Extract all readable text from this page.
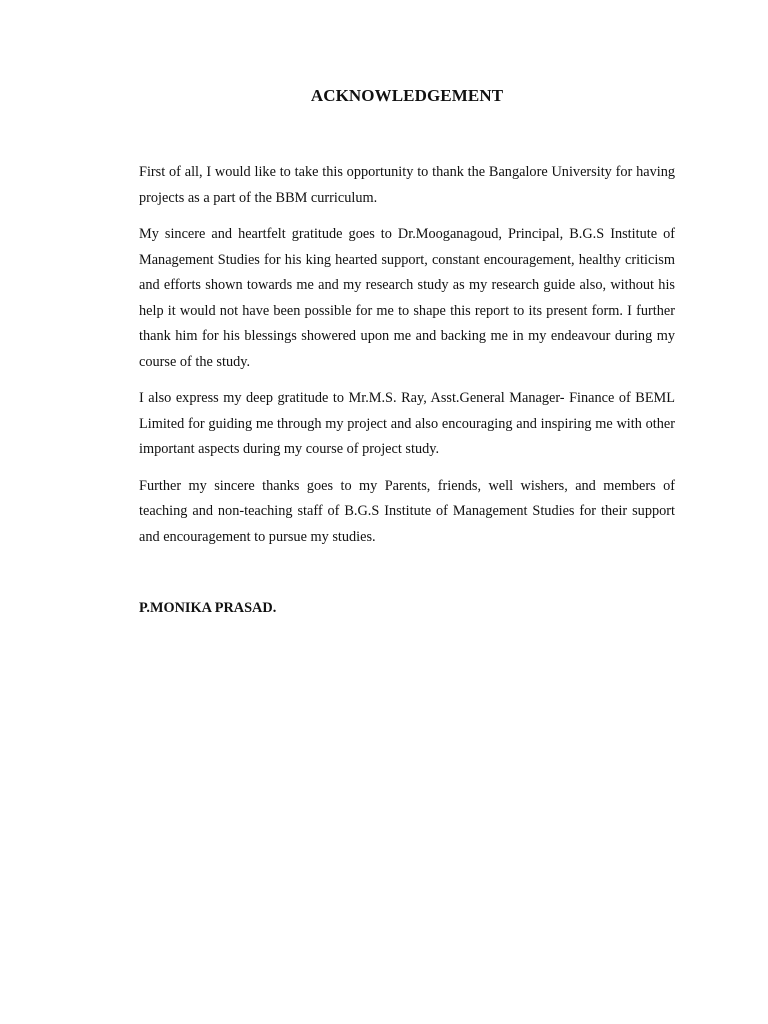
ACKNOWLEDGEMENT

First of all, I would like to take this opportunity to thank the Bangalore University for having projects as a part of the BBM curriculum.

My sincere and heartfelt gratitude goes to Dr.Mooganagoud, Principal, B.G.S Institute of Management Studies for his king hearted support, constant encouragement, healthy criticism and efforts shown towards me and my research study as my research guide also, without his help it would not have been possible for me to shape this report to its present form. I further thank him for his blessings showered upon me and backing me in my endeavour during my course of the study.

I also express my deep gratitude to Mr.M.S. Ray, Asst.General Manager- Finance of BEML Limited for guiding me through my project and also encouraging and inspiring me with other important aspects during my course of project study.

Further my sincere thanks goes to my Parents, friends, well wishers, and members of teaching and non-teaching staff of B.G.S Institute of Management Studies for their support and encouragement to pursue my studies.

P.MONIKA PRASAD.
